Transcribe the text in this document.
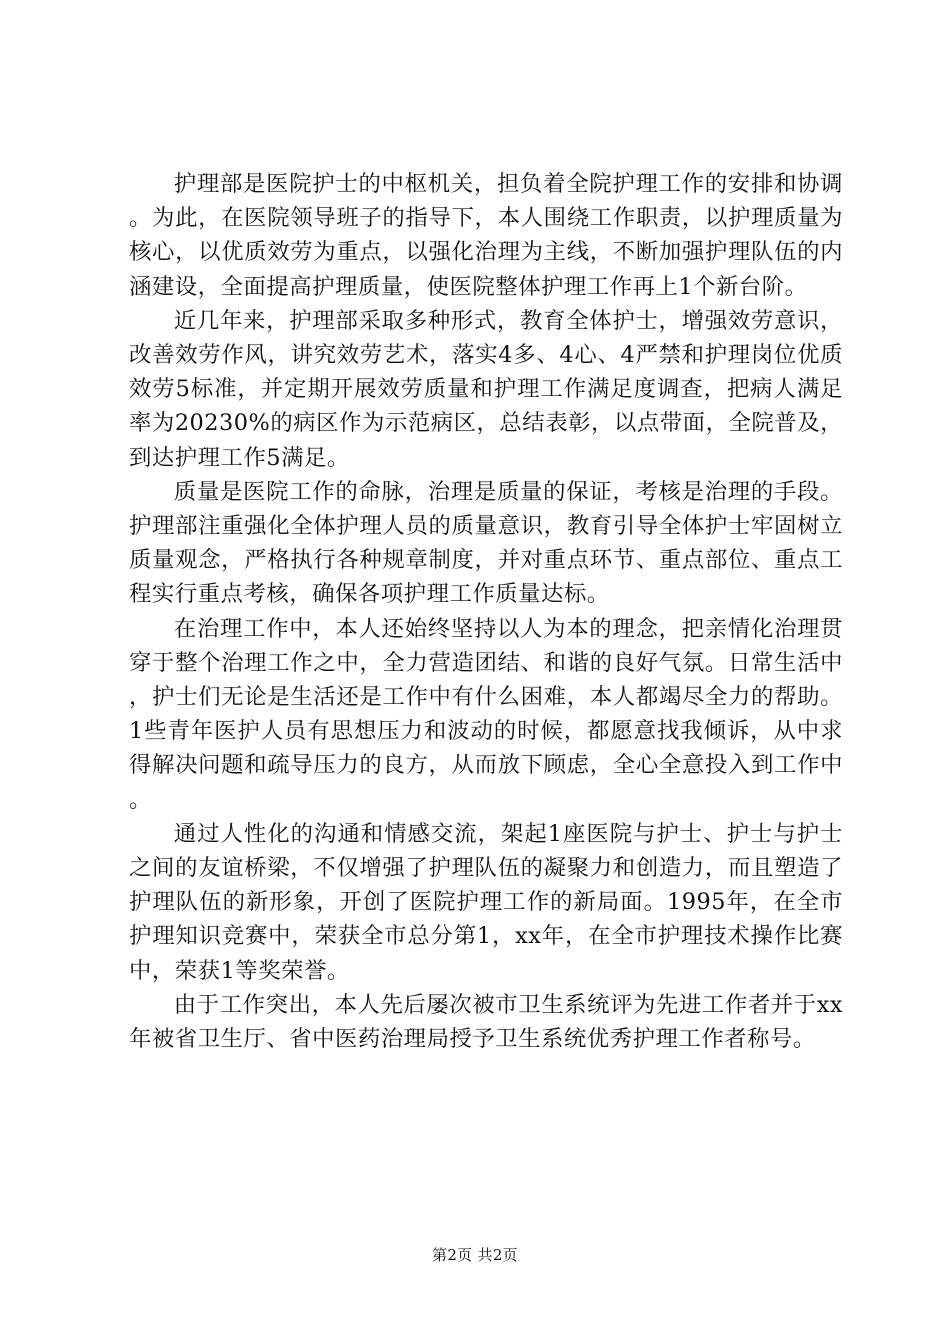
护理部是医院护士的中枢机关，担负着全院护理工作的安排和协调。为此，在医院领导班子的指导下，本人围绕工作职责，以护理质量为核心，以优质效劳为重点，以强化治理为主线，不断加强护理队伍的内涵建设，全面提高护理质量，使医院整体护理工作再上1个新台阶。

近几年来，护理部采取多种形式，教育全体护士，增强效劳意识，改善效劳作风，讲究效劳艺术，落实4多、4心、4严禁和护理岗位优质效劳5标准，并定期开展效劳质量和护理工作满足度调查，把病人满足率为20230%的病区作为示范病区，总结表彰，以点带面，全院普及，到达护理工作5满足。

质量是医院工作的命脉，治理是质量的保证，考核是治理的手段。护理部注重强化全体护理人员的质量意识，教育引导全体护士牢固树立质量观念，严格执行各种规章制度，并对重点环节、重点部位、重点工程实行重点考核，确保各项护理工作质量达标。

在治理工作中，本人还始终坚持以人为本的理念，把亲情化治理贯穿于整个治理工作之中，全力营造团结、和谐的良好气氛。日常生活中，护士们无论是生活还是工作中有什么困难，本人都竭尽全力的帮助。1些青年医护人员有思想压力和波动的时候，都愿意找我倾诉，从中求得解决问题和疏导压力的良方，从而放下顾虑，全心全意投入到工作中。

通过人性化的沟通和情感交流，架起1座医院与护士、护士与护士之间的友谊桥梁，不仅增强了护理队伍的凝聚力和创造力，而且塑造了护理队伍的新形象，开创了医院护理工作的新局面。1995年，在全市护理知识竞赛中，荣获全市总分第1，xx年，在全市护理技术操作比赛中，荣获1等奖荣誉。

由于工作突出，本人先后屡次被市卫生系统评为先进工作者并于xx年被省卫生厅、省中医药治理局授予卫生系统优秀护理工作者称号。

第2页 共2页
